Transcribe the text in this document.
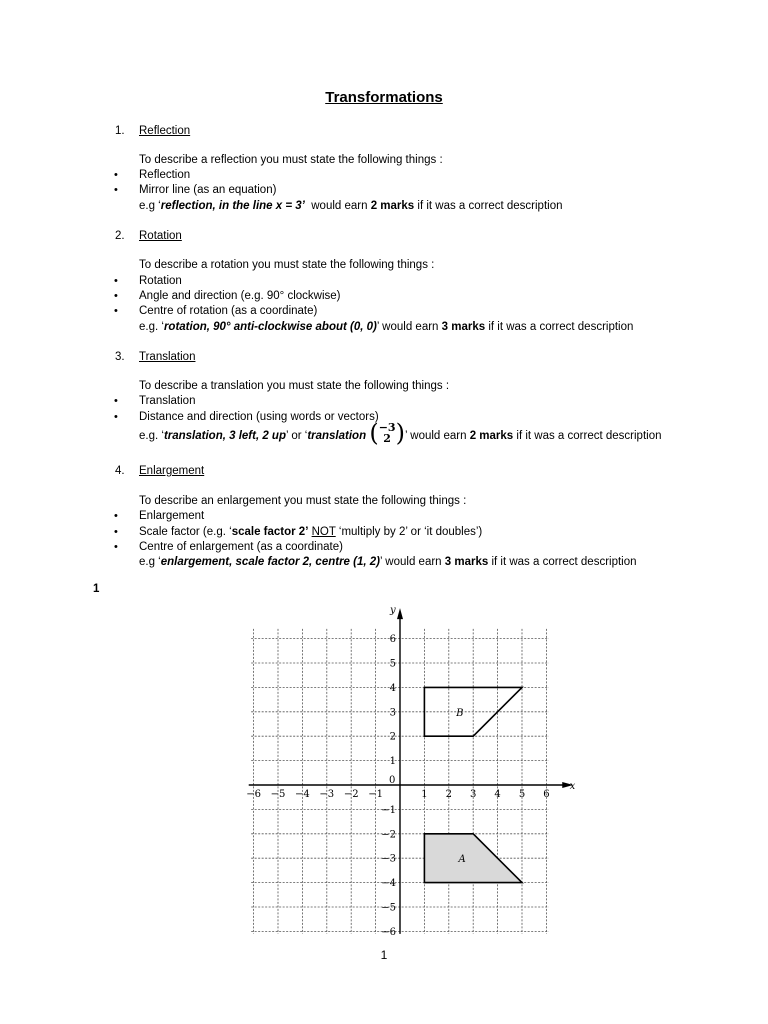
Transformations
1. Reflection
To describe a reflection you must state the following things :
• Reflection
• Mirror line (as an equation)
e.g ‘reflection, in the line x = 3’  would earn 2 marks if it was a correct description
2. Rotation
To describe a rotation you must state the following things :
• Rotation
• Angle and direction (e.g. 90° clockwise)
• Centre of rotation (as a coordinate)
e.g. ‘rotation, 90° anti-clockwise about (0, 0)’ would earn 3 marks if it was a correct description
3. Translation
To describe a translation you must state the following things :
• Translation
• Distance and direction (using words or vectors)
e.g. ‘translation, 3 left, 2 up’ or ‘translation (−3
2 )’ would earn 2 marks if it was a correct description
4. Enlargement
To describe an enlargement you must state the following things :
• Enlargement
• Scale factor (e.g. ‘scale factor 2’ NOT ‘multiply by 2’ or ‘it doubles’)
• Centre of enlargement (as a coordinate)
e.g ‘enlargement, scale factor 2, centre (1, 2)’ would earn 3 marks if it was a correct description
1
x
y
0
−6 −5 −4 −3 −2 −1	1 2 3 4 5 6
6
5
4
3
2
1
−1
−2
−3
−4
−5
−6
A
B
1
